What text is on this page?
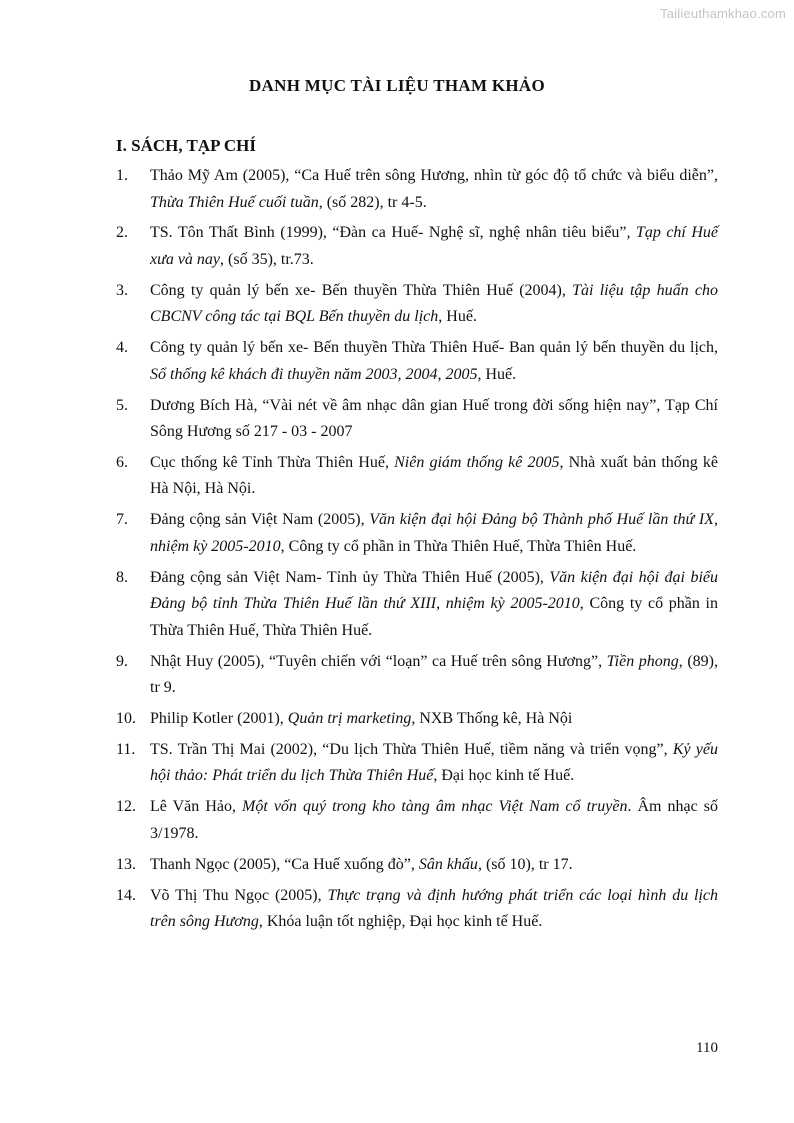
Tailieuthamkhao.com
DANH MỤC TÀI LIỆU THAM KHẢO
I. SÁCH, TẠP CHÍ
1. Thảo Mỹ Am (2005), “Ca Huế trên sông Hương, nhìn từ góc độ tổ chức và biểu diễn”, Thừa Thiên Huế cuối tuần, (số 282), tr 4-5.
2. TS. Tôn Thất Bình (1999), “Đàn ca Huế- Nghệ sĩ, nghệ nhân tiêu biểu”, Tạp chí Huế xưa và nay, (số 35), tr.73.
3. Công ty quản lý bến xe- Bến thuyền Thừa Thiên Huế (2004), Tài liệu tập huấn cho CBCNV công tác tại BQL Bến thuyền du lịch, Huế.
4. Công ty quản lý bến xe- Bến thuyền Thừa Thiên Huế- Ban quản lý bến thuyền du lịch, Sổ thống kê khách đi thuyền năm 2003, 2004, 2005, Huế.
5. Dương Bích Hà, “Vài nét về âm nhạc dân gian Huế trong đời sống hiện nay”, Tạp Chí Sông Hương số 217 - 03 - 2007
6. Cục thống kê Tỉnh Thừa Thiên Huế, Niên giám thống kê 2005, Nhà xuất bản thống kê Hà Nội, Hà Nội.
7. Đảng cộng sản Việt Nam (2005), Văn kiện đại hội Đảng bộ Thành phố Huế lần thứ IX, nhiệm kỳ 2005-2010, Công ty cổ phần in Thừa Thiên Huế, Thừa Thiên Huế.
8. Đảng cộng sản Việt Nam- Tỉnh ủy Thừa Thiên Huế (2005), Văn kiện đại hội đại biểu Đảng bộ tỉnh Thừa Thiên Huế lần thứ XIII, nhiệm kỳ 2005-2010, Công ty cổ phần in Thừa Thiên Huế, Thừa Thiên Huế.
9. Nhật Huy (2005), “Tuyên chiến với “loạn” ca Huế trên sông Hương”, Tiền phong, (89), tr 9.
10. Philip Kotler (2001), Quản trị marketing, NXB Thống kê, Hà Nội
11. TS. Trần Thị Mai (2002), “Du lịch Thừa Thiên Huế, tiềm năng và triển vọng”, Kỷ yếu hội thảo: Phát triển du lịch Thừa Thiên Huế, Đại học kinh tế Huế.
12. Lê Văn Hảo, Một vốn quý trong kho tàng âm nhạc Việt Nam cổ truyền. Âm nhạc số 3/1978.
13. Thanh Ngọc (2005), “Ca Huế xuống đò”, Sân khấu, (số 10), tr 17.
14. Võ Thị Thu Ngọc (2005), Thực trạng và định hướng phát triển các loại hình du lịch trên sông Hương, Khóa luận tốt nghiệp, Đại học kinh tế Huế.
110
